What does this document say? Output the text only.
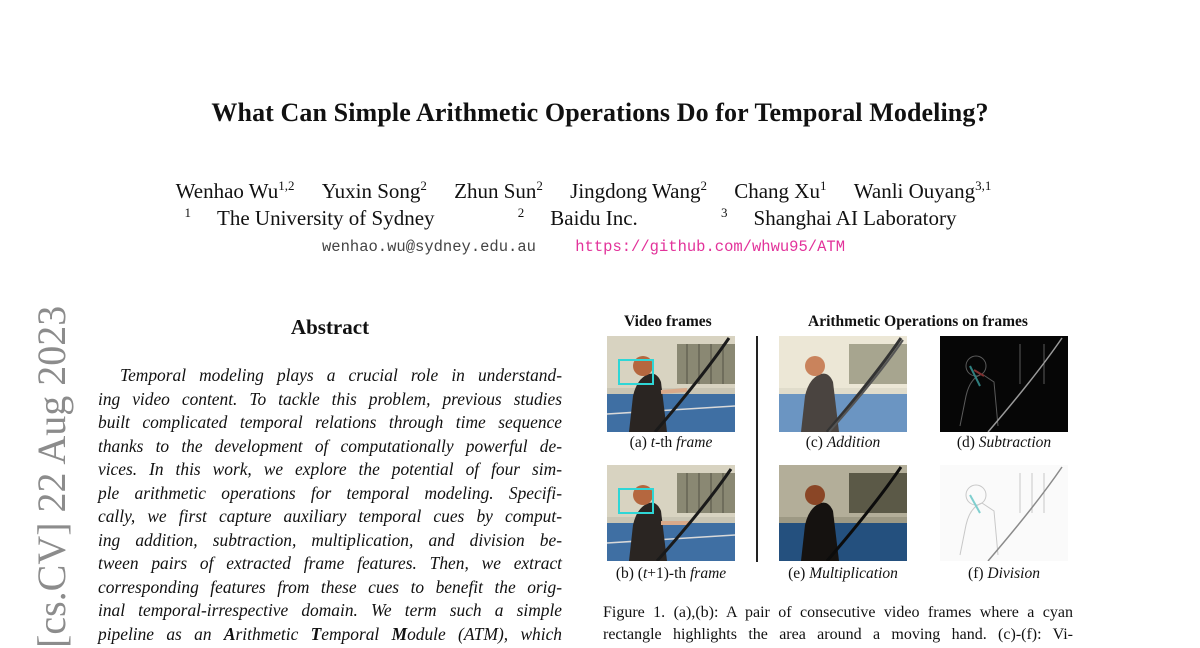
What Can Simple Arithmetic Operations Do for Temporal Modeling?
Wenhao Wu$^{1,2}$ Yuxin Song$^2$ Zhun Sun$^2$ Jingdong Wang$^2$ Chang Xu$^1$ Wanli Ouyang$^{3,1}$
$^1$ The University of Sydney	$^2$ Baidu Inc.	$^3$ Shanghai AI Laboratory
wenhao.wu@sydney.edu.au	https://github.com/whwu95/ATM
[cs.CV] 22 Aug 2023	Abstract
Temporal modeling plays a crucial role in understand-
ing video content. To tackle this problem, previous studies
built complicated temporal relations through time sequence
thanks to the development of computationally powerful de-
vices. In this work, we explore the potential of four sim-
ple arithmetic operations for temporal modeling. Specifi-
cally, we first capture auxiliary temporal cues by comput-
ing addition, subtraction, multiplication, and division be-
tween pairs of extracted frame features. Then, we extract
corresponding features from these cues to benefit the orig-
inal temporal-irrespective domain. We term such a simple
pipeline as an Arithmetic Temporal Module (ATM), which
Video frames	Arithmetic Operations on frames
(a) t-th frame
(b) (t+1)-th frame
(c) Addition	(d) Subtraction
(e) Multiplication	(f) Division
Figure 1. (a),(b): A pair of consecutive video frames where a cyan
rectangle highlights the area around a moving hand. (c)-(f): Vi-
